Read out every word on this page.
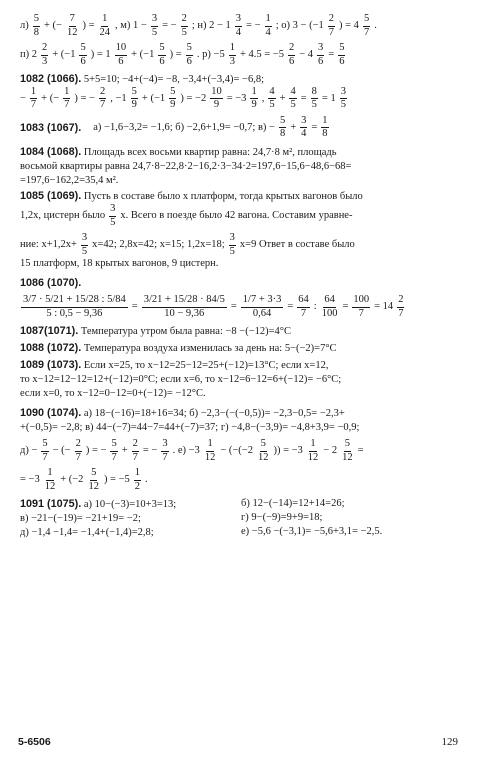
$л) \frac{5}{8}$ + (− $\frac{7}{12}$ ) = $\frac{1}{24}$ , м) $1 - \frac{3}{5}$ = − $\frac{2}{5}$ ; н) $2 - 1 \frac{3}{4}$ = − $\frac{1}{4}$ ; о) $3 - (-1 \frac{2}{7}$ ) = $4 \frac{5}{7}$ .
п) $2 \frac{2}{3} + (-1 \frac{5}{6}$ ) = $1 \frac{10}{6} + (-1 \frac{5}{6}$ ) = $\frac{5}{6}$ . $р) -5 \frac{1}{3} + 4.5 = -5 \frac{2}{6} - 4 \frac{3}{6} = \frac{5}{6}$
1082 (1066). 5+5=10; −4+(−4)= −8, −3,4+(−3,4)= −6,8;
− $\frac{1}{7}$ + (− $\frac{1}{7}$ ) = − $\frac{2}{7}$ , $-1 \frac{5}{9} + (-1 \frac{5}{9}$ ) = $-2 \frac{10}{9} = -3 \frac{1}{9}$ , $\frac{4}{5} + \frac{4}{5} = \frac{8}{5} = 1 \frac{3}{5}$
1083 (1067). а) −1,6−3,2= −1,6; б) −2,6+1,9= −0,7; $в) - \frac{5}{8} + \frac{3}{4} = \frac{1}{8}$
1084 (1068). Площадь всех восьми квартир равна: 24,7·8 м², площадь
восьмой квартиры равна 24,7·8−22,8·2−16,2·3−34·2=197,6−15,6−48,6−68=
=197,6−162,2=35,4 м².
1085 (1069). Пусть в составе было x платформ, тогда крытых вагонов было
1,2x, цистерн было $\frac{3}{5} x$. Всего в поезде было 42 вагона. Составим уравне-
ние: $x+1,2x+ \frac{3}{5} x=42$; 2,8x=42; x=15; 1,2x=18; $\frac{3}{5} x=9$ Ответ в составе было
15 платформ, 18 крытых вагонов, 9 цистерн.
1086 (1070).
$\frac{3/7 \cdot 5/21 + 15/28 : 5/84}{5 : 0,5 - 9,36} = \frac{3/21 + 15/28 \cdot 84/5}{10 - 9,36} = \frac{1/7 + 3\cdot 3}{0,64} = \frac{64}{7}$ : $\frac{64}{100} = \frac{100}{7} = 14 \frac{2}{7}$
1087(1071). Температура утром была равна: −8 −(−12)=4°С
1088 (1072). Температура воздуха изменилась за день на: 5−(−2)=7°С
1089 (1073). Если x=25, то x−12=25−12=25+(−12)=13°С; если x=12,
то x−12=12−12=12+(−12)=0°С; если x=6, то x−12=6−12=6+(−12)= −6°С;
если x=0, то x−12=0−12=0+(−12)= −12°С.
1090 (1074). а) 18−(−16)=18+16=34; б) −2,3−(−(−0,5))= −2,3−0,5= −2,3+
+(−0,5)= −2,8; в) 44−(−7)=44−7=44+(−7)=37; г) −4,8−(−3,9)= −4,8+3,9= −0,9;
$д) - \frac{5}{7}$ − (− $\frac{2}{7}$ ) = − $\frac{5}{7} + \frac{2}{7}$ = − $\frac{3}{7}$ . $е) -3 \frac{1}{12} - (-(-2 \frac{5}{12}$ )) = $-3 \frac{1}{12} - 2 \frac{5}{12}$ =
= $-3 \frac{1}{12} + (-2 \frac{5}{12}$ ) = $-5 \frac{1}{2}$ .
1091 (1075). а) 10−(−3)=10+3=13;
в) −21−(−19)= −21+19= −2;
д) −1,4 −1,4= −1,4+(−1,4)=2,8;
б) 12−(−14)=12+14=26;
г) 9−(−9)=9+9=18;
е) −5,6 −(−3,1)= −5,6+3,1= −2,5.
5-6506	129
